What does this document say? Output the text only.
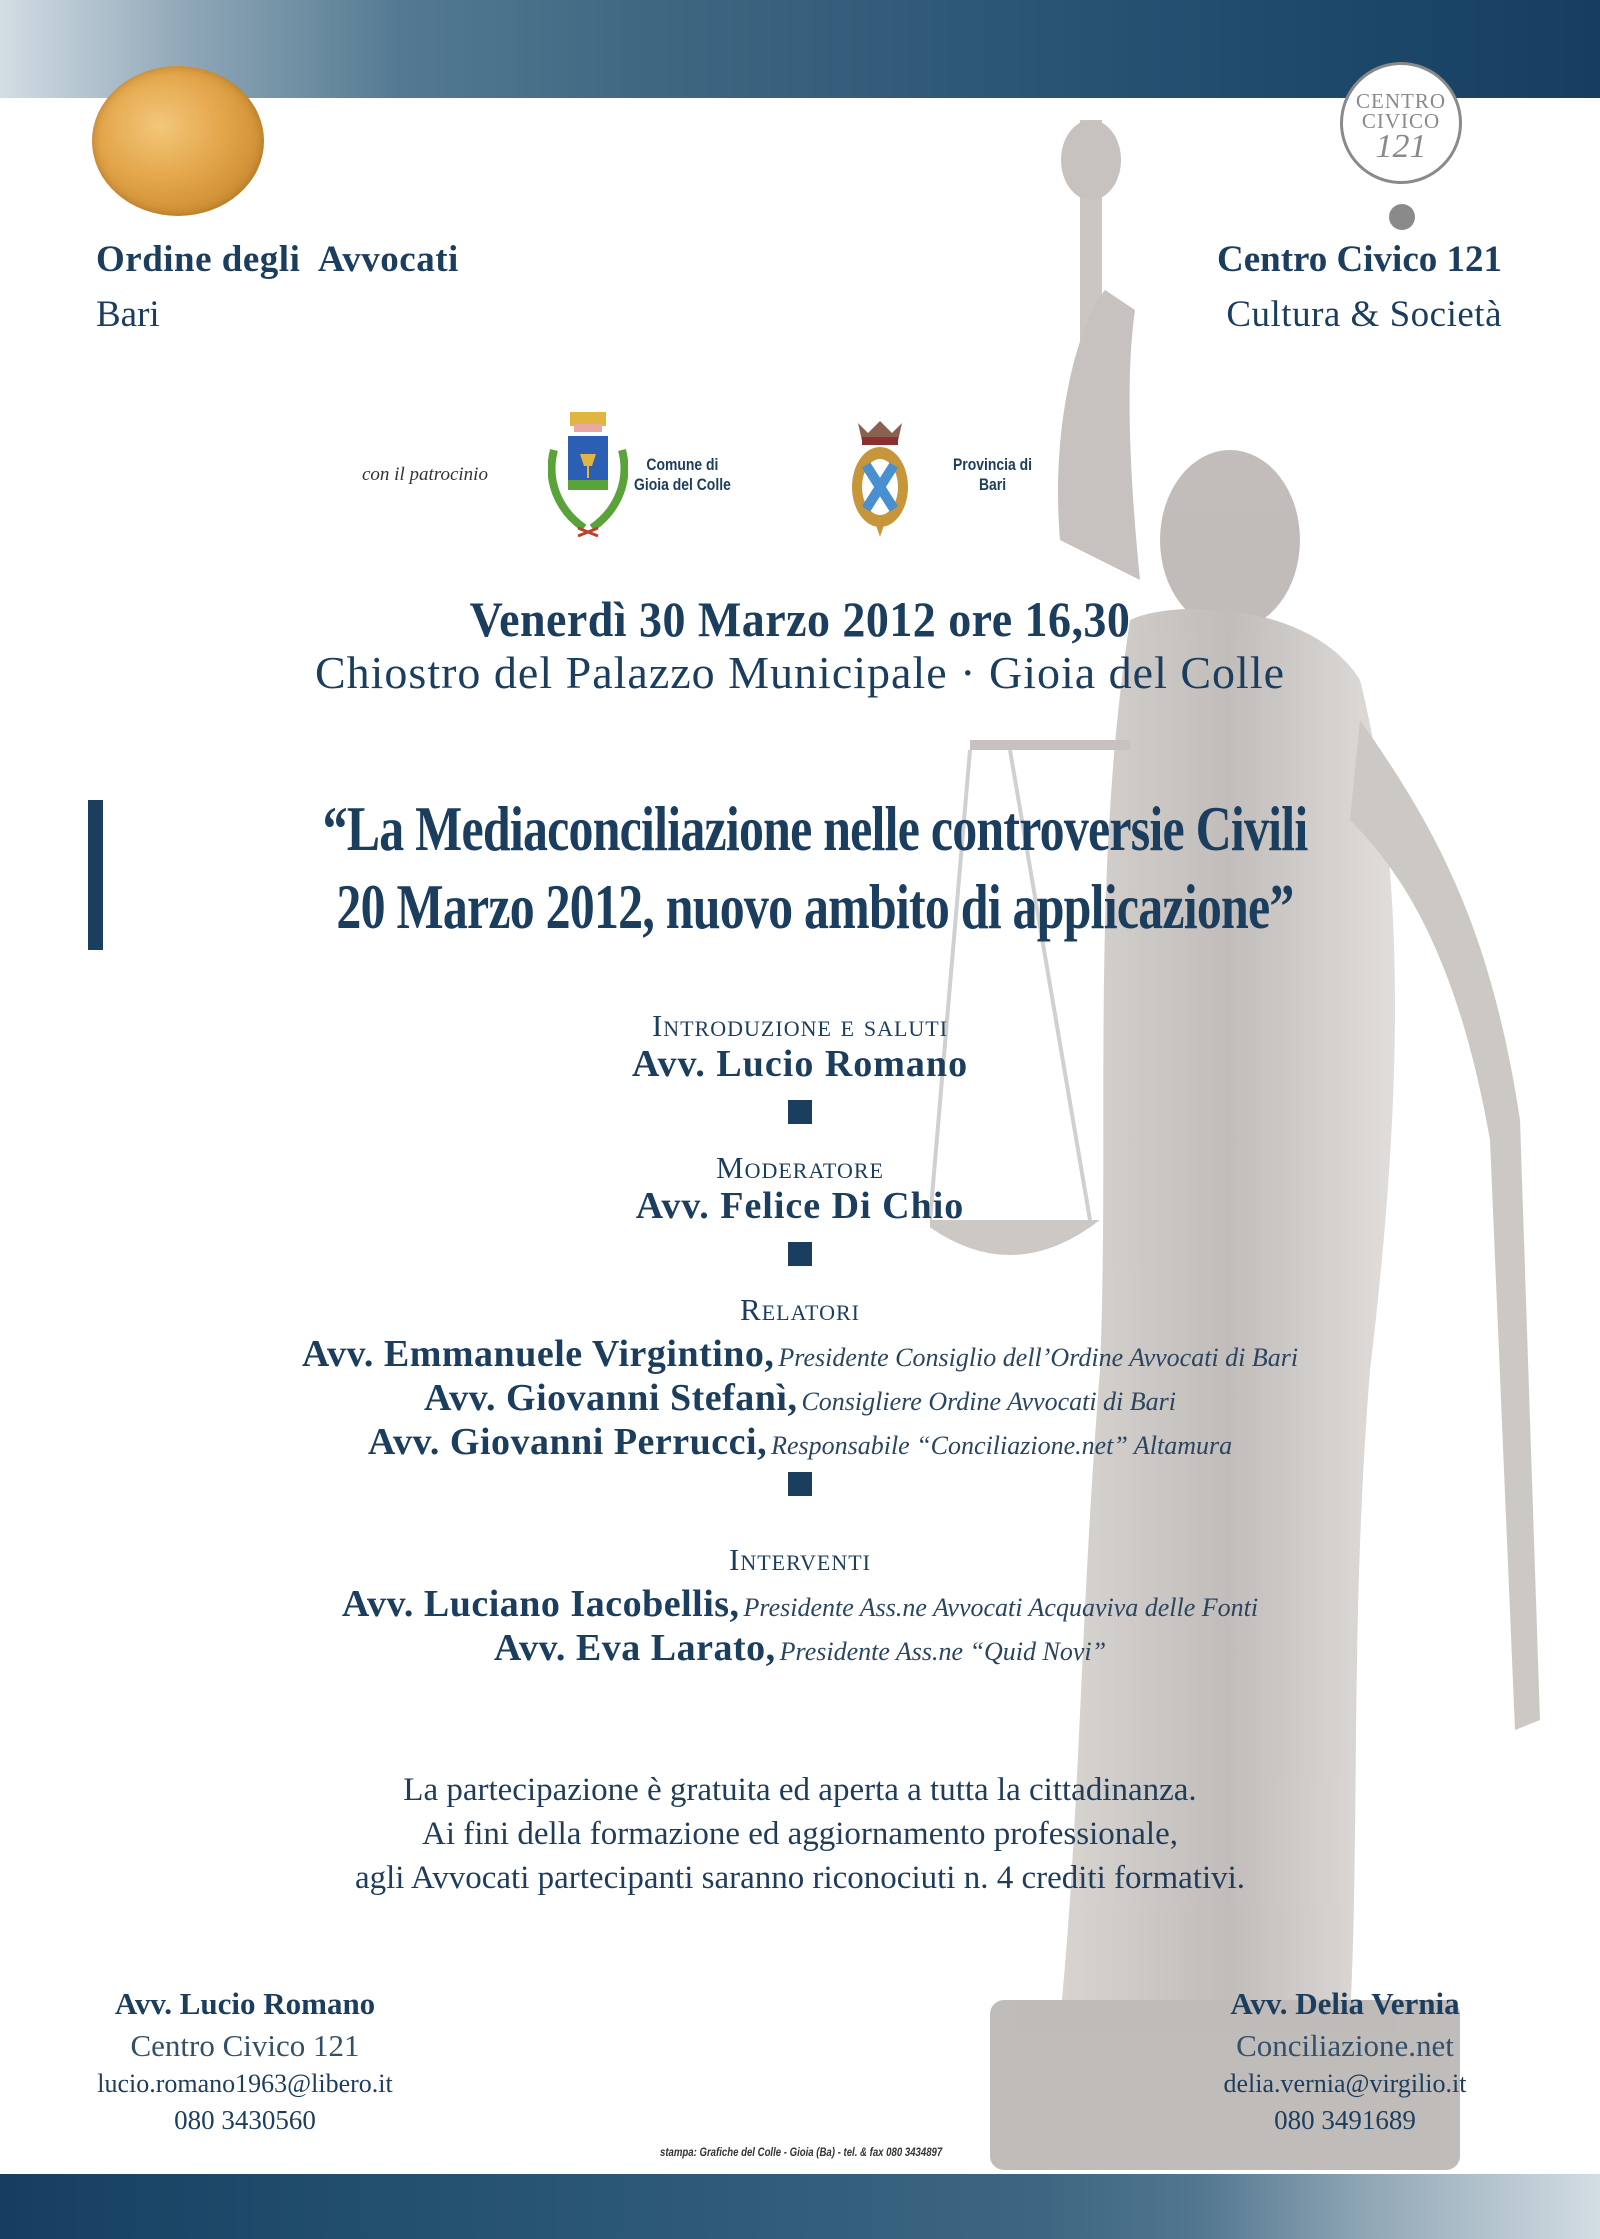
Ordine degli  Avvocati
Bari
CENTRO
CIVICO
121
Centro Civico 121
Cultura & Società
con il patrocinio	Comune di
Gioia del Colle
Provincia di
Bari
Venerdì 30 Marzo 2012 ore 16,30
Chiostro del Palazzo Municipale · Gioia del Colle
“La Mediaconciliazione nelle controversie Civili
20 Marzo 2012, nuovo ambito di applicazione”
Introduzione e saluti
Avv. Lucio Romano
Moderatore
Avv. Felice Di Chio
Relatori
Avv. Emmanuele Virgintino, Presidente Consiglio dell’Ordine Avvocati di Bari
Avv. Giovanni Stefanì, Consigliere Ordine Avvocati di Bari
Avv. Giovanni Perrucci, Responsabile “Conciliazione.net” Altamura
Interventi
Avv. Luciano Iacobellis, Presidente Ass.ne Avvocati Acquaviva delle Fonti
Avv. Eva Larato, Presidente Ass.ne “Quid Novi”
La partecipazione è gratuita ed aperta a tutta la cittadinanza.
Ai fini della formazione ed aggiornamento professionale,
agli Avvocati partecipanti saranno riconociuti n. 4 crediti formativi.
Avv. Lucio Romano
Centro Civico 121
lucio.romano1963@libero.it
080 3430560
Avv. Delia Vernia
Conciliazione.net
delia.vernia@virgilio.it
080 3491689
stampa: Grafiche del Colle - Gioia (Ba) - tel. & fax 080 3434897
